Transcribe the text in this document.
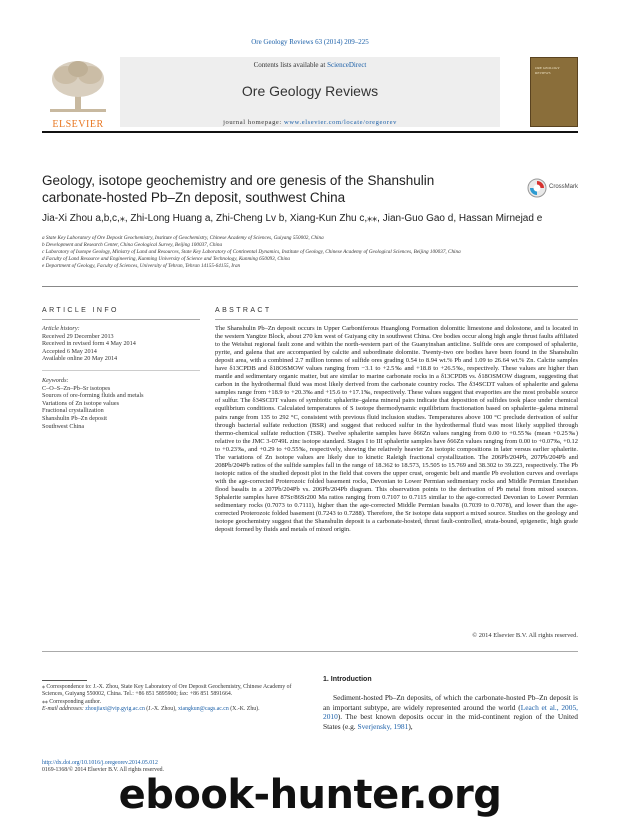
Ore Geology Reviews 63 (2014) 209–225
ELSEVIER
Contents lists available at ScienceDirect
Ore Geology Reviews
journal homepage: www.elsevier.com/locate/oregeorev
ORE GEOLOGY REVIEWS
Geology, isotope geochemistry and ore genesis of the Shanshulin carbonate-hosted Pb–Zn deposit, southwest China
CrossMark
Jia-Xi Zhou a,b,c,⁎, Zhi-Long Huang a, Zhi-Cheng Lv b, Xiang-Kun Zhu c,⁎⁎, Jian-Guo Gao d, Hassan Mirnejad e
a State Key Laboratory of Ore Deposit Geochemistry, Institute of Geochemistry, Chinese Academy of Sciences, Guiyang 550002, China
b Development and Research Center, China Geological Survey, Beijing 100037, China
c Laboratory of Isotope Geology, Ministry of Land and Resources, State Key Laboratory of Continental Dynamics, Institute of Geology, Chinese Academy of Geological Sciences, Beijing 100037, China
d Faculty of Land Resource and Engineering, Kunming University of Science and Technology, Kunming 650093, China
e Department of Geology, Faculty of Sciences, University of Tehran, Tehran 14155-64155, Iran
ARTICLE INFO	ABSTRACT
Article history:
Received 29 December 2013
Received in revised form 4 May 2014
Accepted 6 May 2014
Available online 20 May 2014
Keywords:
C–O–S–Zn–Pb–Sr isotopes
Sources of ore-forming fluids and metals
Variations of Zn isotope values
Fractional crystallization
Shanshulin Pb–Zn deposit
Southwest China
The Shanshulin Pb–Zn deposit occurs in Upper Carboniferous Huanglong Formation dolomitic limestone and dolostone, and is located in the western Yangtze Block, about 270 km west of Guiyang city in southwest China. Ore bodies occur along high angle thrust faults affiliated to the Weishui regional fault zone and within the north-western part of the Guanyinshan anticline. Sulfide ores are composed of sphalerite, pyrite, and galena that are accompanied by calcite and subordinate dolomite. Twenty-two ore bodies have been found in the Shanshulin deposit area, with a combined 2.7 million tonnes of sulfide ores grading 0.54 to 8.94 wt.% Pb and 1.09 to 26.64 wt.% Zn. Calcite samples have δ13CPDB and δ18OSMOW values ranging from −3.1 to +2.5‰ and +18.8 to +26.5‰, respectively. These values are higher than mantle and sedimentary organic matter, but are similar to marine carbonate rocks in a δ13CPDB vs. δ18OSMOW diagram, suggesting that carbon in the hydrothermal fluid was most likely derived from the carbonate country rocks. The δ34SCDT values of sphalerite and galena samples range from +18.9 to +20.3‰ and +15.6 to +17.1‰, respectively. These values suggest that evaporites are the most probable source of sulfur. The δ34SCDT values of symbiotic sphalerite–galena mineral pairs indicate that deposition of sulfides took place under chemical equilibrium conditions. Calculated temperatures of S isotope thermodynamic equilibrium fractionation based on sphalerite–galena mineral pairs range from 135 to 292 °C, consistent with previous fluid inclusion studies. Temperatures above 100 °C preclude derivation of sulfur through bacterial sulfate reduction (BSR) and suggest that reduced sulfur in the hydrothermal fluid was most likely supplied through thermo-chemical sulfate reduction (TSR). Twelve sphalerite samples have δ66Zn values ranging from 0.00 to +0.55‰ (mean +0.25‰) relative to the JMC 3-0749L zinc isotope standard. Stages I to III sphalerite samples have δ66Zn values ranging from 0.00 to +0.07‰, +0.12 to +0.23‰, and +0.29 to +0.55‰, respectively, showing the relatively heavier Zn isotopic compositions in later versus earlier sphalerite. The variations of Zn isotope values are likely due to kinetic Raleigh fractional crystallization. The 206Pb/204Pb, 207Pb/204Pb and 208Pb/204Pb ratios of the sulfide samples fall in the range of 18.362 to 18.573, 15.505 to 15.769 and 38.302 to 39.223, respectively. The Pb isotopic ratios of the studied deposit plot in the field that covers the upper crust, orogenic belt and mantle Pb evolution curves and overlaps with the age-corrected Proterozoic folded basement rocks, Devonian to Lower Permian sedimentary rocks and Middle Permian Emeishan flood basalts in a 207Pb/204Pb vs. 206Pb/204Pb diagram. This observation points to the derivation of Pb metal from mixed sources. Sphalerite samples have 87Sr/86Sr200 Ma ratios ranging from 0.7107 to 0.7115 similar to the age-corrected Devonian to Lower Permian sedimentary rocks (0.7073 to 0.7111), higher than the age-corrected Middle Permian basalts (0.7039 to 0.7078), and lower than the age-corrected Proterozoic folded basement (0.7243 to 0.7288). Therefore, the Sr isotope data support a mixed source. Studies on the geology and isotope geochemistry suggest that the Shanshulin deposit is a carbonate-hosted, thrust fault-controlled, strata-bound, epigenetic, high grade deposit formed by fluids and metals of mixed origin.
© 2014 Elsevier B.V. All rights reserved.
⁎ Correspondence to: J.-X. Zhou, State Key Laboratory of Ore Deposit Geochemistry, Chinese Academy of Sciences, Guiyang 550002, China. Tel.: +86 851 5895900; fax: +86 851 5891664.
⁎⁎ Corresponding author.
E-mail addresses: zhoujiaxi@vip.gyig.ac.cn (J.-X. Zhou), xiangkun@cags.ac.cn (X.-K. Zhu).
http://dx.doi.org/10.1016/j.oregeorev.2014.05.012
0169-1368/© 2014 Elsevier B.V. All rights reserved.
1. Introduction
Sediment-hosted Pb–Zn deposits, of which the carbonate-hosted Pb–Zn deposit is an important subtype, are widely represented around the world (Leach et al., 2005, 2010). The best known deposits occur in the mid-continent region of the United States (e.g. Sverjensky, 1981),
ebook-hunter.org
